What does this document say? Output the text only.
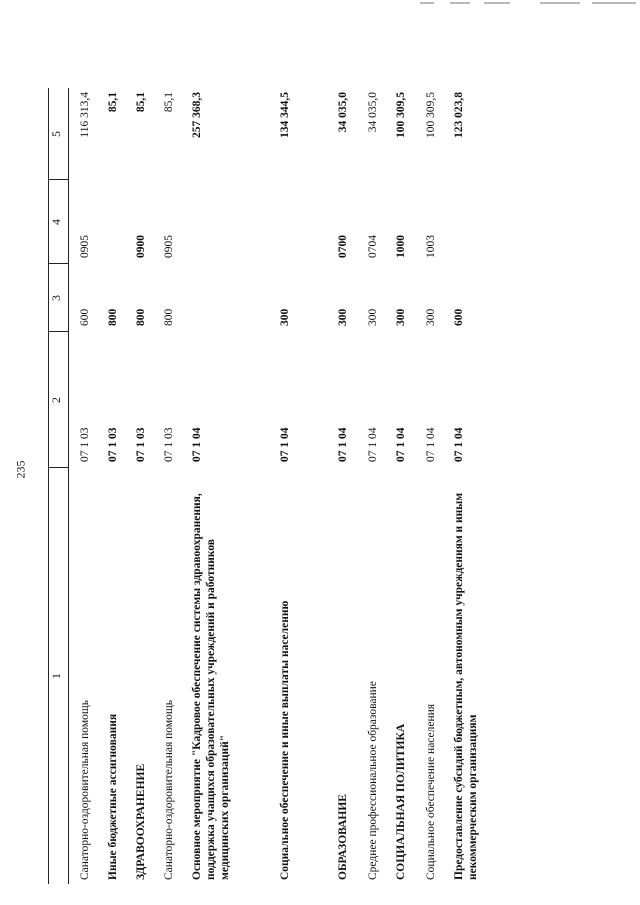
235
1
2
3
4
5
Санаторно-оздоровительная помощь
07 1 03
600
0905
116 313,4
Иные бюджетные ассигнования
07 1 03
800
85,1
ЗДРАВООХРАНЕНИЕ
07 1 03
800
0900
85,1
Санаторно-оздоровительная помощь
07 1 03
800
0905
85,1
Основное мероприятие "Кадровое обеспечение системы здравоохранения, поддержка учащихся образовательных учреждений и работников медицинских организаций"
07 1 04
257 368,3
Социальное обеспечение и иные выплаты населению
07 1 04
300
134 344,5
ОБРАЗОВАНИЕ
07 1 04
300
0700
34 035,0
Среднее профессиональное образование
07 1 04
300
0704
34 035,0
СОЦИАЛЬНАЯ ПОЛИТИКА
07 1 04
300
1000
100 309,5
Социальное обеспечение населения
07 1 04
300
1003
100 309,5
Предоставление субсидий бюджетным, автономным учреждениям и иным некоммерческим организациям
07 1 04
600
123 023,8
